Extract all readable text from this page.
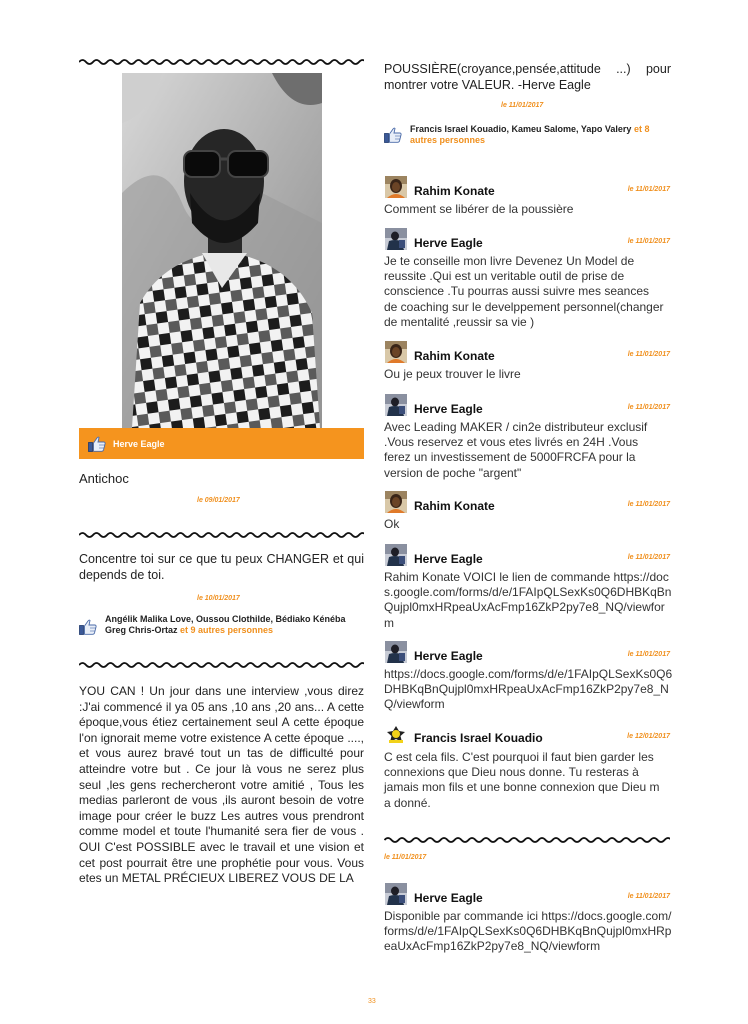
Herve Eagle
Antichoc
le 09/01/2017
Concentre toi sur ce que tu peux CHANGER et qui depends de toi.
le 10/01/2017
Angélik Malika Love, Oussou Clothilde, Bédiako Kénéba Greg Chris-Ortaz et 9 autres personnes
YOU CAN ! Un jour dans une interview ,vous direz :J'ai commencé il ya 05 ans ,10 ans ,20 ans... A cette époque,vous étiez certainement seul A cette époque l'on ignorait meme votre existence A cette époque ...., et vous aurez bravé tout un tas de difficulté pour atteindre votre but . Ce jour là vous ne serez plus seul ,les gens rechercheront votre amitié , Tous les medias parleront de vous ,ils auront besoin de votre image pour créer le buzz Les autres vous prendront comme model et toute l'humanité sera fier de vous . OUI C'est POSSIBLE avec le travail et une vision et cet post pourrait être une prophétie pour vous. Vous etes un METAL PRÉCIEUX LIBEREZ VOUS DE LA
POUSSIÈRE(croyance,pensée,attitude ...) pour montrer votre VALEUR. -Herve Eagle
le 11/01/2017
Francis Israel Kouadio, Kameu Salome, Yapo Valery et 8 autres personnes
Rahim Konate	le 11/01/2017
Comment se libérer de la poussière
Herve Eagle	le 11/01/2017
Je te conseille mon livre Devenez Un Model de reussite .Qui est un veritable outil de prise de conscience .Tu pourras aussi suivre mes seances de coaching sur le develppement personnel(changer de mentalité ,reussir sa vie )
Rahim Konate	le 11/01/2017
Ou je peux trouver le livre
Herve Eagle	le 11/01/2017
Avec Leading MAKER / cin2e distributeur exclusif .Vous reservez et vous etes livrés en 24H .Vous ferez un investissement de 5000FRCFA pour la version de poche "argent"
Rahim Konate	le 11/01/2017
Ok
Herve Eagle	le 11/01/2017
Rahim Konate VOICI le lien de commande https://docs.google.com/forms/d/e/1FAIpQLSexKs0Q6DHBKqBnQujpl0mxHRpeaUxAcFmp16ZkP2py7e8_NQ/viewform
Herve Eagle	le 11/01/2017
https://docs.google.com/forms/d/e/1FAIpQLSexKs0Q6DHBKqBnQujpl0mxHRpeaUxAcFmp16ZkP2py7e8_NQ/viewform
Francis Israel Kouadio	le 12/01/2017
C est cela fils. C'est pourquoi il faut bien garder les connexions que Dieu nous donne. Tu resteras à jamais mon fils et une bonne connexion que Dieu m a donné.
le 11/01/2017
Herve Eagle	le 11/01/2017
Disponible par commande ici https://docs.google.com/forms/d/e/1FAIpQLSexKs0Q6DHBKqBnQujpl0mxHRpeaUxAcFmp16ZkP2py7e8_NQ/viewform
33
